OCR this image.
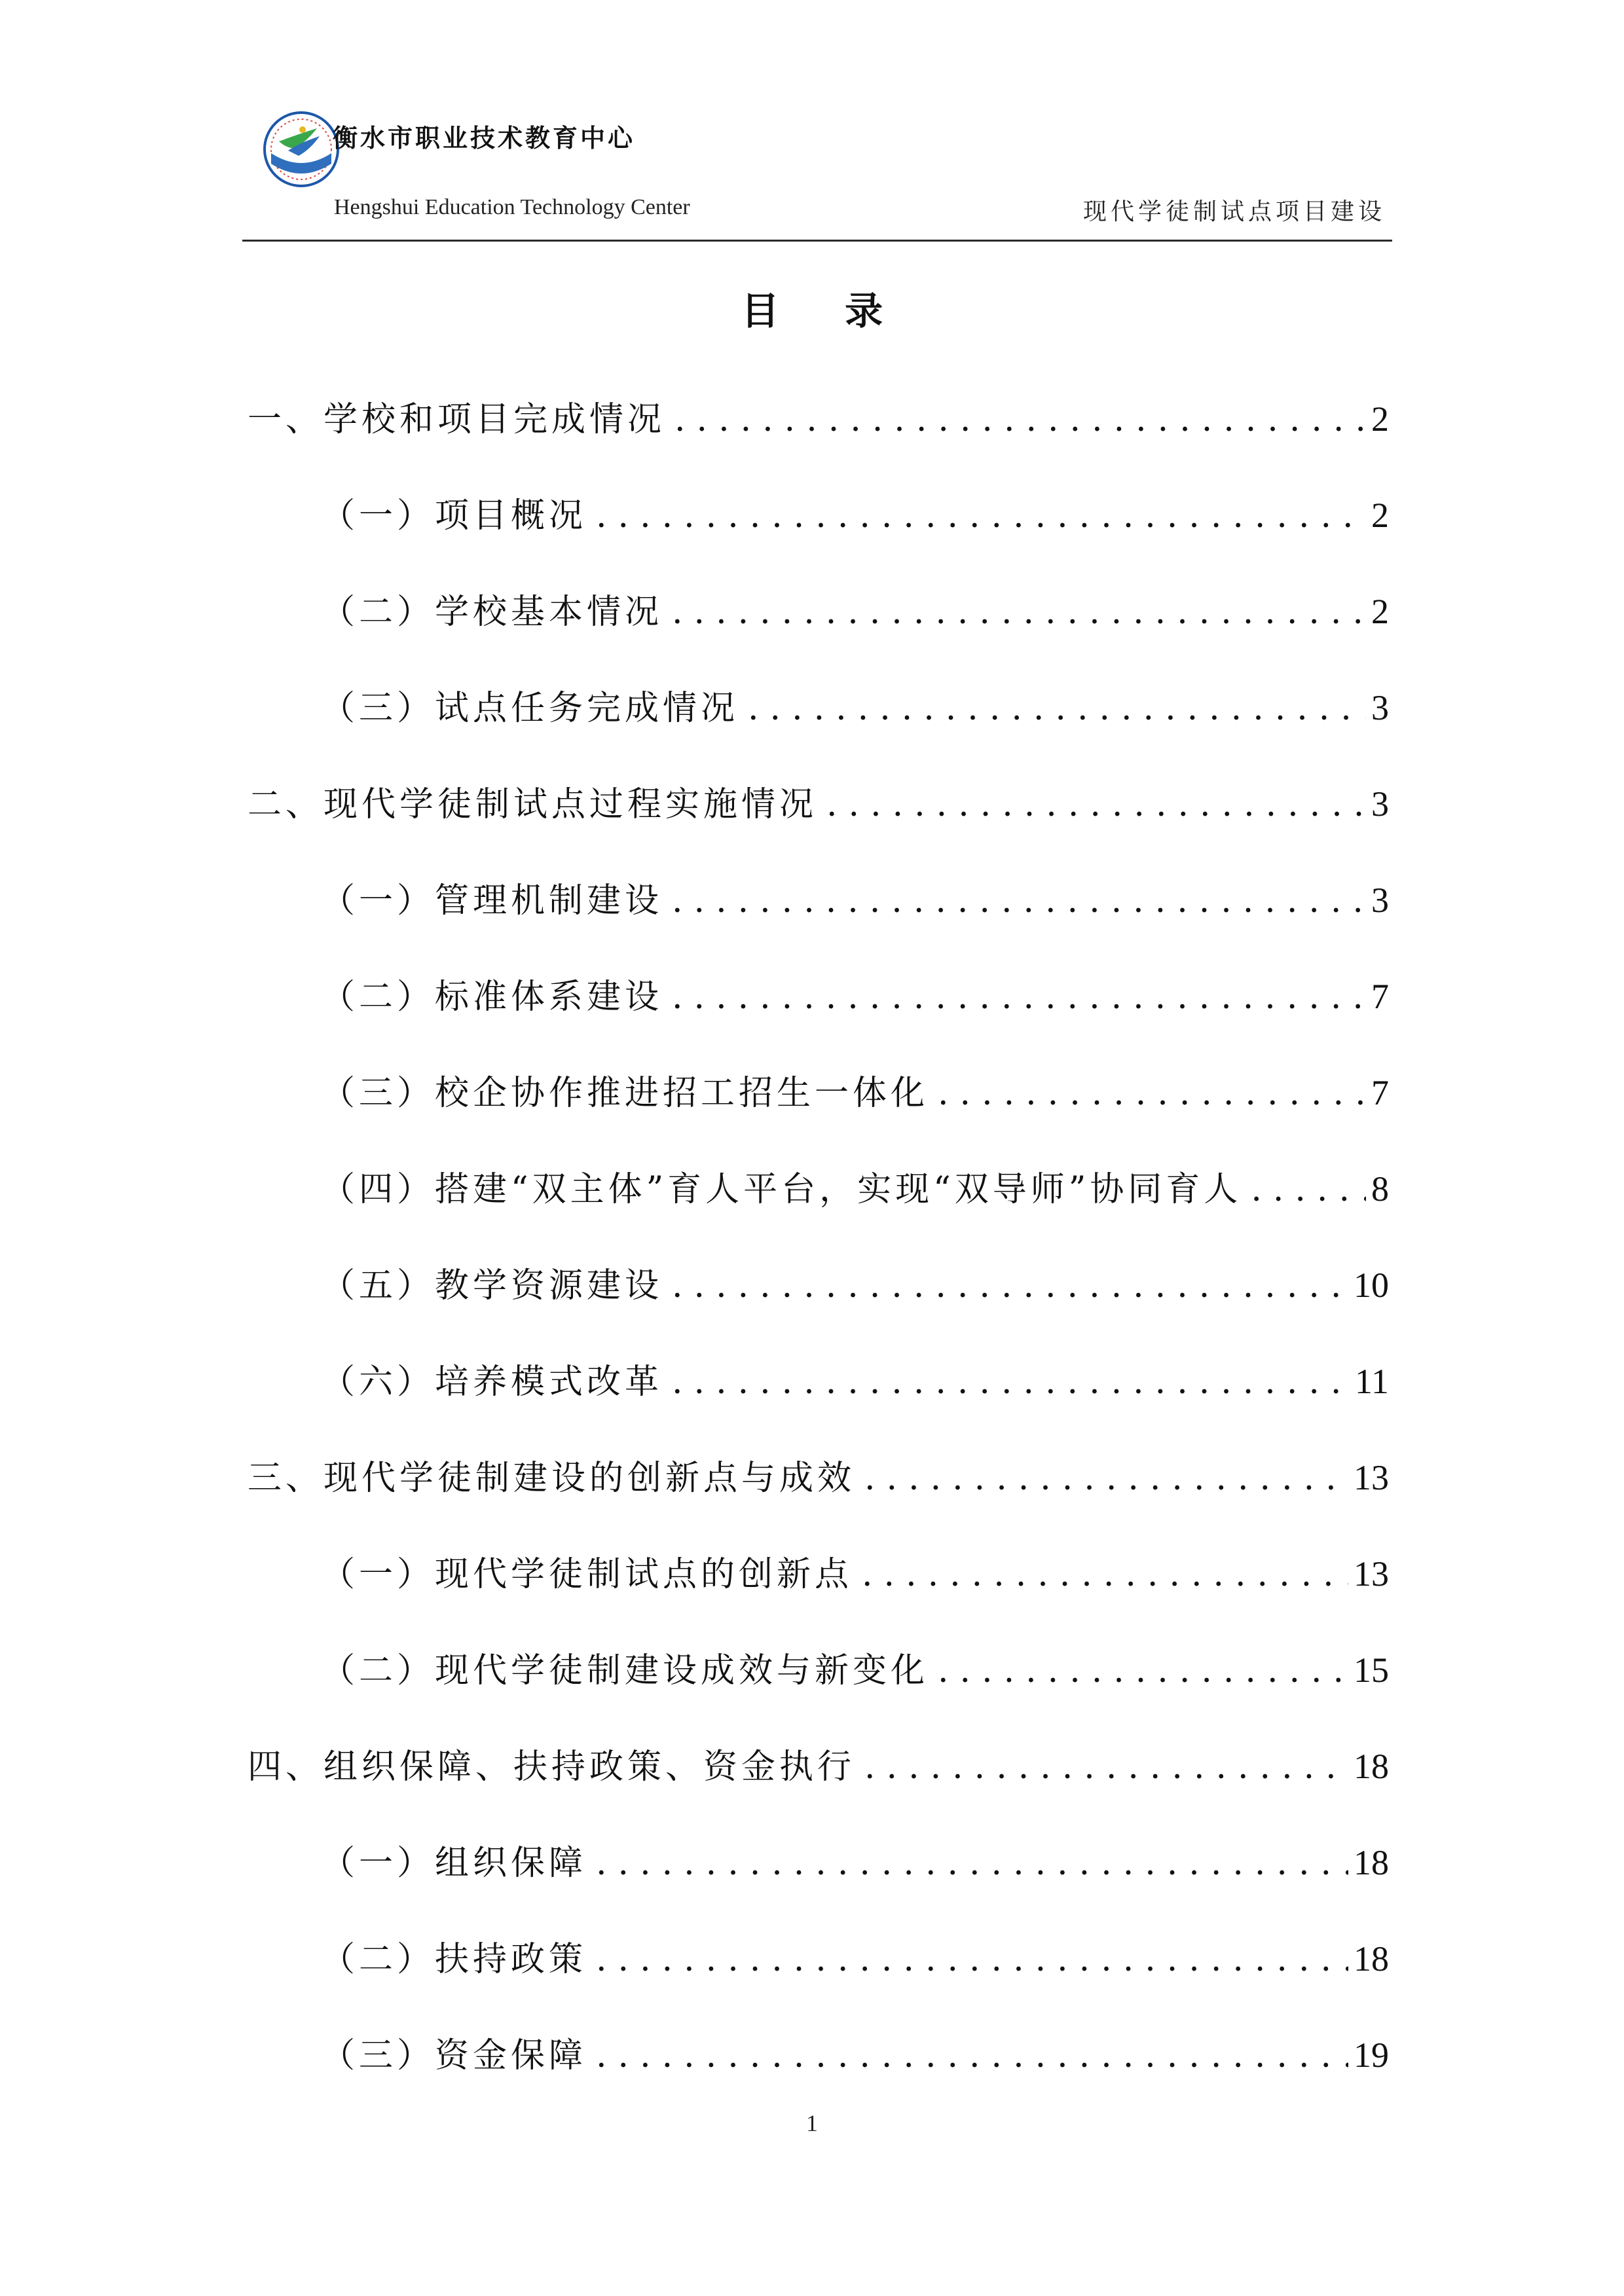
衡水市职业技术教育中心
Hengshui Education Technology Center	现代学徒制试点项目建设
目 录
一、学校和项目完成情况 .....	2
（一）项目概况 .....	2
（二）学校基本情况 .....	2
（三）试点任务完成情况 .....	3
二、现代学徒制试点过程实施情况 .....	3
（一）管理机制建设 .....	3
（二）标准体系建设 .....	7
（三）校企协作推进招工招生一体化 .....	7
（四）搭建“双主体”育人平台，实现“双导师”协同育人 .....	8
（五）教学资源建设 .....	10
（六）培养模式改革 .....	11
三、现代学徒制建设的创新点与成效 .....	13
（一）现代学徒制试点的创新点 .....	13
（二）现代学徒制建设成效与新变化 .....	15
四、组织保障、扶持政策、资金执行 .....	18
（一）组织保障 .....	18
（二）扶持政策 .....	18
（三）资金保障 .....	19
1
